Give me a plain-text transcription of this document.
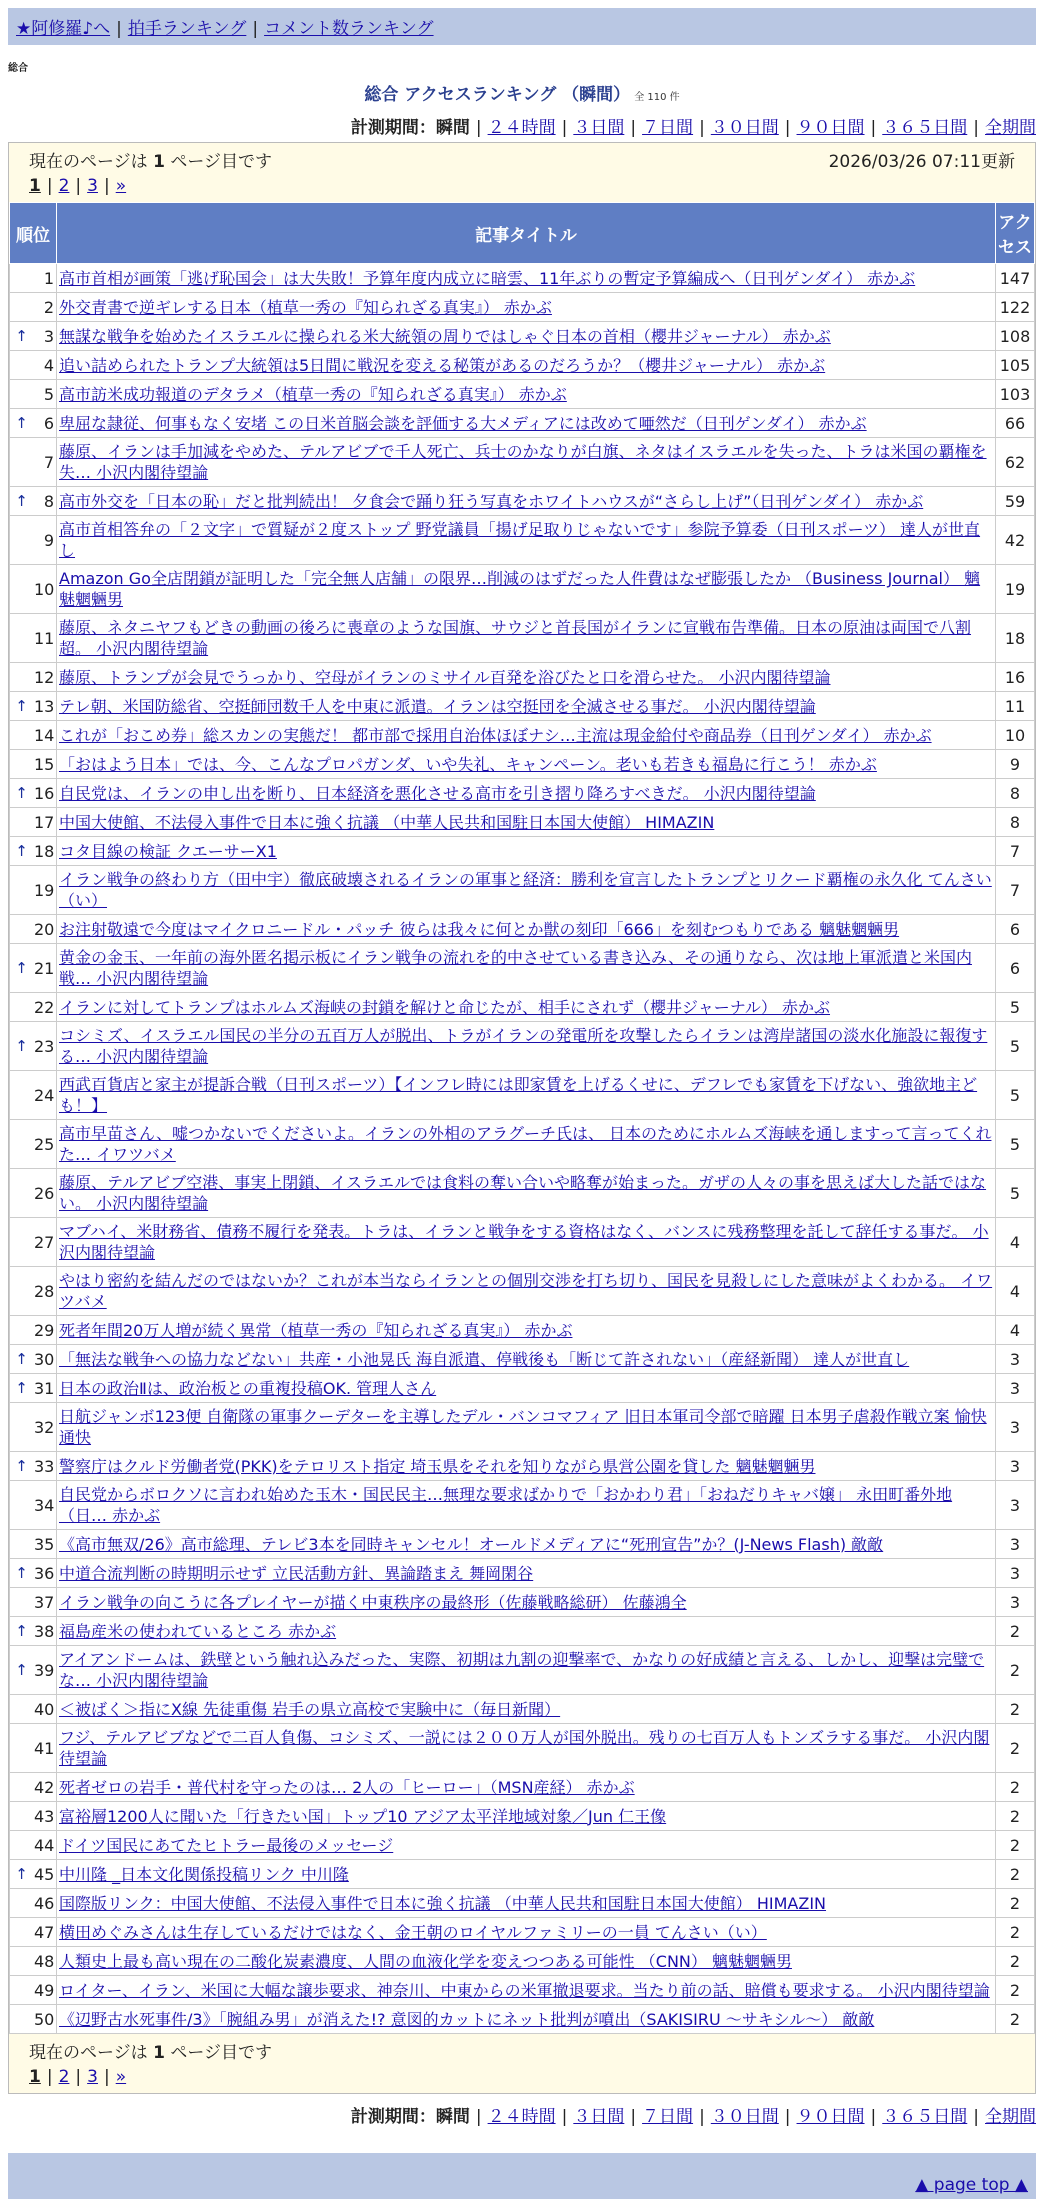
★阿修羅♪へ | 拍手ランキング | コメント数ランキング
総合
総合 アクセスランキング （瞬間） 全 110 件
計測期間：瞬間 | ２４時間 | ３日間 | ７日間 | ３０日間 | ９０日間 | ３６５日間 | 全期間
現在のページは 1 ページ目です	2026/03/26 07:11更新
1 | 2 | 3 | »
順位		記事タイトル	アクセス
	1	高市首相が画策「逃げ恥国会」は大失敗！予算年度内成立に暗雲、11年ぶりの暫定予算編成へ（日刊ゲンダイ） 赤かぶ	147
	2	外交青書で逆ギレする日本（植草一秀の『知られざる真実』） 赤かぶ	122
↑	3	無謀な戦争を始めたイスラエルに操られる米大統領の周りではしゃぐ日本の首相（櫻井ジャーナル） 赤かぶ	108
	4	追い詰められたトランプ大統領は5日間に戦況を変える秘策があるのだろうか？（櫻井ジャーナル） 赤かぶ	105
	5	高市訪米成功報道のデタラメ（植草一秀の『知られざる真実』） 赤かぶ	103
↑	6	卑屈な隷従、何事もなく安堵 この日米首脳会談を評価する大メディアには改めて唖然だ（日刊ゲンダイ） 赤かぶ	66
	7	藤原、イランは手加減をやめた、テルアビブで千人死亡、兵士のかなりが白旗、ネタはイスラエルを失った、トラは米国の覇権を失… 小沢内閣待望論	62
↑	8	高市外交を「日本の恥」だと批判続出！ 夕食会で踊り狂う写真をホワイトハウスが“さらし上げ”（日刊ゲンダイ） 赤かぶ	59
	9	高市首相答弁の「２文字」で質疑が２度ストップ 野党議員「揚げ足取りじゃないです」参院予算委（日刊スポーツ） 達人が世直し	42
	10	Amazon Go全店閉鎖が証明した「完全無人店舗」の限界…削減のはずだった人件費はなぜ膨張したか （Business Journal） 魑魅魍魎男	19
	11	藤原、ネタニヤフもどきの動画の後ろに喪章のような国旗、サウジと首長国がイランに宣戦布告準備。日本の原油は両国で八割超。 小沢内閣待望論	18
	12	藤原、トランプが会見でうっかり、空母がイランのミサイル百発を浴びたと口を滑らせた。 小沢内閣待望論	16
↑	13	テレ朝、米国防総省、空挺師団数千人を中東に派遣。イランは空挺団を全滅させる事だ。 小沢内閣待望論	11
	14	これが「おこめ券」総スカンの実態だ！ 都市部で採用自治体ほぼナシ…主流は現金給付や商品券（日刊ゲンダイ） 赤かぶ	10
	15	「おはよう日本」では、今、こんなプロパガンダ、いや失礼、キャンペーン。老いも若きも福島に行こう！ 赤かぶ	9
↑	16	自民党は、イランの申し出を断り、日本経済を悪化させる高市を引き摺り降ろすべきだ。 小沢内閣待望論	8
	17	中国大使館、不法侵入事件で日本に強く抗議 （中華人民共和国駐日本国大使館） HIMAZIN	8
↑	18	コタ目線の検証 クエーサーX1	7
	19	イラン戦争の終わり方（田中宇）徹底破壊されるイランの軍事と経済：勝利を宣言したトランプとリクード覇権の永久化 てんさい（い）	7
	20	お注射敬遠で今度はマイクロニードル・パッチ 彼らは我々に何とか獣の刻印「666」を刻むつもりである 魑魅魍魎男	6
↑	21	黄金の金玉、一年前の海外匿名掲示板にイラン戦争の流れを的中させている書き込み、その通りなら、次は地上軍派遣と米国内戦… 小沢内閣待望論	6
	22	イランに対してトランプはホルムズ海峡の封鎖を解けと命じたが、相手にされず（櫻井ジャーナル） 赤かぶ	5
↑	23	コシミズ、イスラエル国民の半分の五百万人が脱出、トラがイランの発電所を攻撃したらイランは湾岸諸国の淡水化施設に報復する… 小沢内閣待望論	5
	24	西武百貨店と家主が提訴合戦（日刊スポーツ）【インフレ時には即家賃を上げるくせに、デフレでも家賃を下げない、強欲地主ども！】	5
	25	高市早苗さん、嘘つかないでくださいよ。イランの外相のアラグーチ氏は、 日本のためにホルムズ海峡を通しますって言ってくれた… イワツバメ	5
	26	藤原、テルアビブ空港、事実上閉鎖、イスラエルでは食料の奪い合いや略奪が始まった。ガザの人々の事を思えば大した話ではない。 小沢内閣待望論	5
	27	マブハイ、米財務省、債務不履行を発表。トラは、イランと戦争をする資格はなく、バンスに残務整理を託して辞任する事だ。 小沢内閣待望論	4
	28	やはり密約を結んだのではないか？これが本当ならイランとの個別交渉を打ち切り、国民を見殺しにした意味がよくわかる。 イワツバメ	4
	29	死者年間20万人増が続く異常（植草一秀の『知られざる真実』） 赤かぶ	4
↑	30	「無法な戦争への協力などない」共産・小池晃氏 海自派遣、停戦後も「断じて許されない」（産経新聞） 達人が世直し	3
↑	31	日本の政治Ⅱは、政治板との重複投稿OK. 管理人さん	3
	32	日航ジャンボ123便 自衛隊の軍事クーデターを主導したデル・バンコマフィア 旧日本軍司令部で暗躍 日本男子虐殺作戦立案 愉快通快	3
↑	33	警察庁はクルド労働者党(PKK)をテロリスト指定 埼玉県をそれを知りながら県営公園を貸した 魑魅魍魎男	3
	34	自民党からボロクソに言われ始めた玉木・国民民主…無理な要求ばかりで「おかわり君」「おねだりキャバ嬢」 永田町番外地（日… 赤かぶ	3
	35	《高市無双/26》高市総理、テレビ3本を同時キャンセル！オールドメディアに“死刑宣告”か？(J-News Flash) 敵敵	3
↑	36	中道合流判断の時期明示せず 立民活動方針、異論踏まえ 舞岡閑谷	3
	37	イラン戦争の向こうに各プレイヤーが描く中東秩序の最終形（佐藤戦略総研） 佐藤鴻全	3
↑	38	福島産米の使われているところ 赤かぶ	2
↑	39	アイアンドームは、鉄壁という触れ込みだった、実際、初期は九割の迎撃率で、かなりの好成績と言える、しかし、迎撃は完璧でな… 小沢内閣待望論	2
	40	＜被ばく＞指にX線 先徒重傷 岩手の県立高校で実験中に（毎日新聞）	2
	41	フジ、テルアビブなどで二百人負傷、コシミズ、一説には２００万人が国外脱出。残りの七百万人もトンズラする事だ。 小沢内閣待望論	2
	42	死者ゼロの岩手・普代村を守ったのは… 2人の「ヒーロー」（MSN産経） 赤かぶ	2
	43	富裕層1200人に聞いた「行きたい国」トップ10 アジア太平洋地域対象／Jun 仁王像	2
	44	ドイツ国民にあてたヒトラー最後のメッセージ	2
↑	45	中川隆 _日本文化関係投稿リンク 中川隆	2
	46	国際版リンク：中国大使館、不法侵入事件で日本に強く抗議 （中華人民共和国駐日本国大使館） HIMAZIN	2
	47	横田めぐみさんは生存しているだけではなく、金王朝のロイヤルファミリーの一員 てんさい（い）	2
	48	人類史上最も高い現在の二酸化炭素濃度、人間の血液化学を変えつつある可能性 （CNN） 魑魅魍魎男	2
	49	ロイター、イラン、米国に大幅な譲歩要求、神奈川、中東からの米軍撤退要求。当たり前の話、賠償も要求する。 小沢内閣待望論	2
	50	《辺野古水死事件/3》「腕組み男」が消えた!? 意図的カットにネット批判が噴出（SAKISIRU 〜サキシル〜） 敵敵	2
現在のページは 1 ページ目です
1 | 2 | 3 | »
計測期間：瞬間 | ２４時間 | ３日間 | ７日間 | ３０日間 | ９０日間 | ３６５日間 | 全期間
▲ page top ▲
